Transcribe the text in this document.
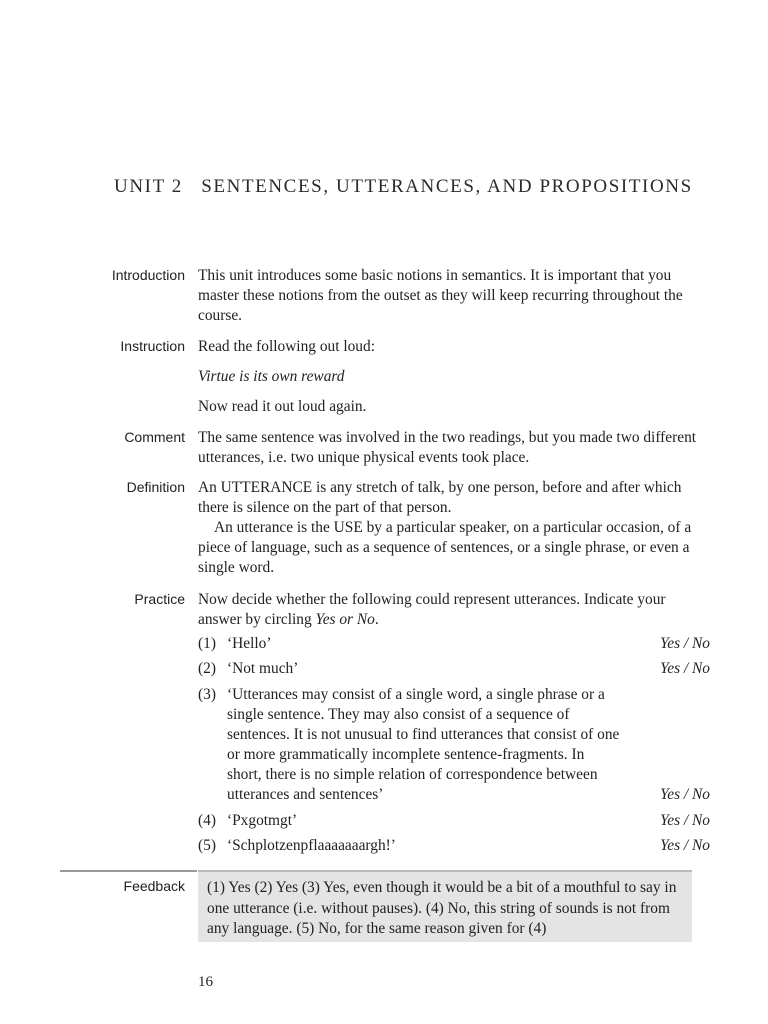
UNIT 2 SENTENCES, UTTERANCES, AND PROPOSITIONS
Introduction This unit introduces some basic notions in semantics. It is important that you master these notions from the outset as they will keep recurring throughout the course.
Instruction Read the following out loud:
Virtue is its own reward
Now read it out loud again.
Comment The same sentence was involved in the two readings, but you made two different utterances, i.e. two unique physical events took place.
Definition An UTTERANCE is any stretch of talk, by one person, before and after which there is silence on the part of that person.
An utterance is the USE by a particular speaker, on a particular occasion, of a piece of language, such as a sequence of sentences, or a single phrase, or even a single word.
Practice Now decide whether the following could represent utterances. Indicate your answer by circling Yes or No.
(1) ‘Hello’	Yes / No
(2) ‘Not much’	Yes / No
(3) ‘Utterances may consist of a single word, a single phrase or a single sentence. They may also consist of a sequence of sentences. It is not unusual to find utterances that consist of one or more grammatically incomplete sentence-fragments. In short, there is no simple relation of correspondence between utterances and sentences’	Yes / No
(4) ‘Pxgotmgt’	Yes / No
(5) ‘Schplotzenpflaaaaaaargh!’	Yes / No
Feedback (1) Yes (2) Yes (3) Yes, even though it would be a bit of a mouthful to say in one utterance (i.e. without pauses). (4) No, this string of sounds is not from any language. (5) No, for the same reason given for (4)
16
